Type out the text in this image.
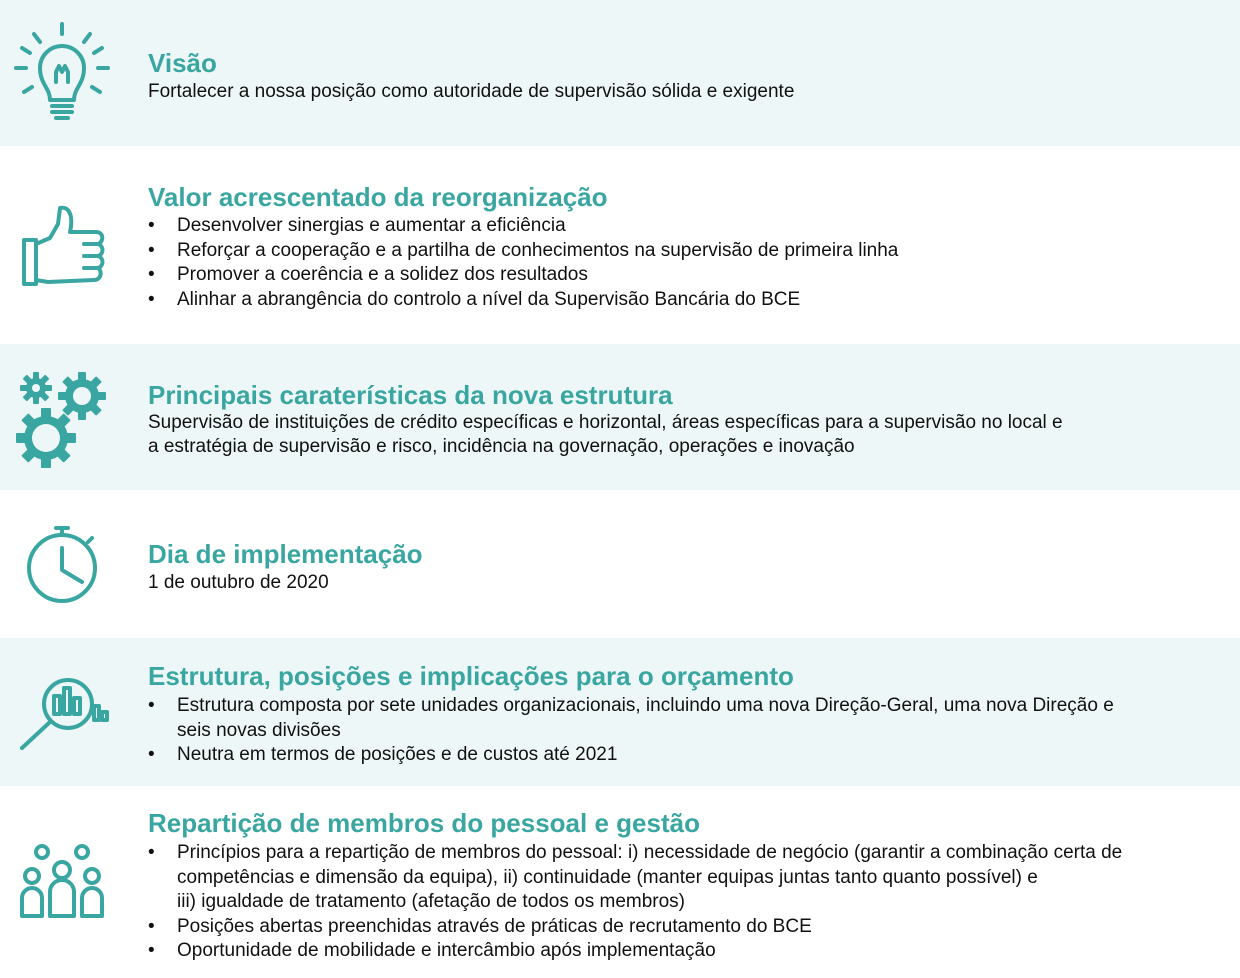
Visão

Fortalecer a nossa posição como autoridade de supervisão sólida e exigente

Valor acrescentado da reorganização
• Desenvolver sinergias e aumentar a eficiência
• Reforçar a cooperação e a partilha de conhecimentos na supervisão de primeira linha
• Promover a coerência e a solidez dos resultados
• Alinhar a abrangência do controlo a nível da Supervisão Bancária do BCE
Principais caraterísticas da nova estrutura

Supervisão de instituições de crédito específicas e horizontal, áreas específicas para a supervisão no local e

a estratégia de supervisão e risco, incidência na governação, operações e inovação

Dia de implementação

1 de outubro de 2020

Estrutura, posições e implicações para o orçamento
• Estrutura composta por sete unidades organizacionais, incluindo uma nova Direção-Geral, uma nova Direção e
seis novas divisões
• Neutra em termos de posições e de custos até 2021
Repartição de membros do pessoal e gestão
• Princípios para a repartição de membros do pessoal: i) necessidade de negócio (garantir a combinação certa de
competências e dimensão da equipa), ii) continuidade (manter equipas juntas tanto quanto possível) e
iii) igualdade de tratamento (afetação de todos os membros)
• Posições abertas preenchidas através de práticas de recrutamento do BCE
• Oportunidade de mobilidade e intercâmbio após implementação
